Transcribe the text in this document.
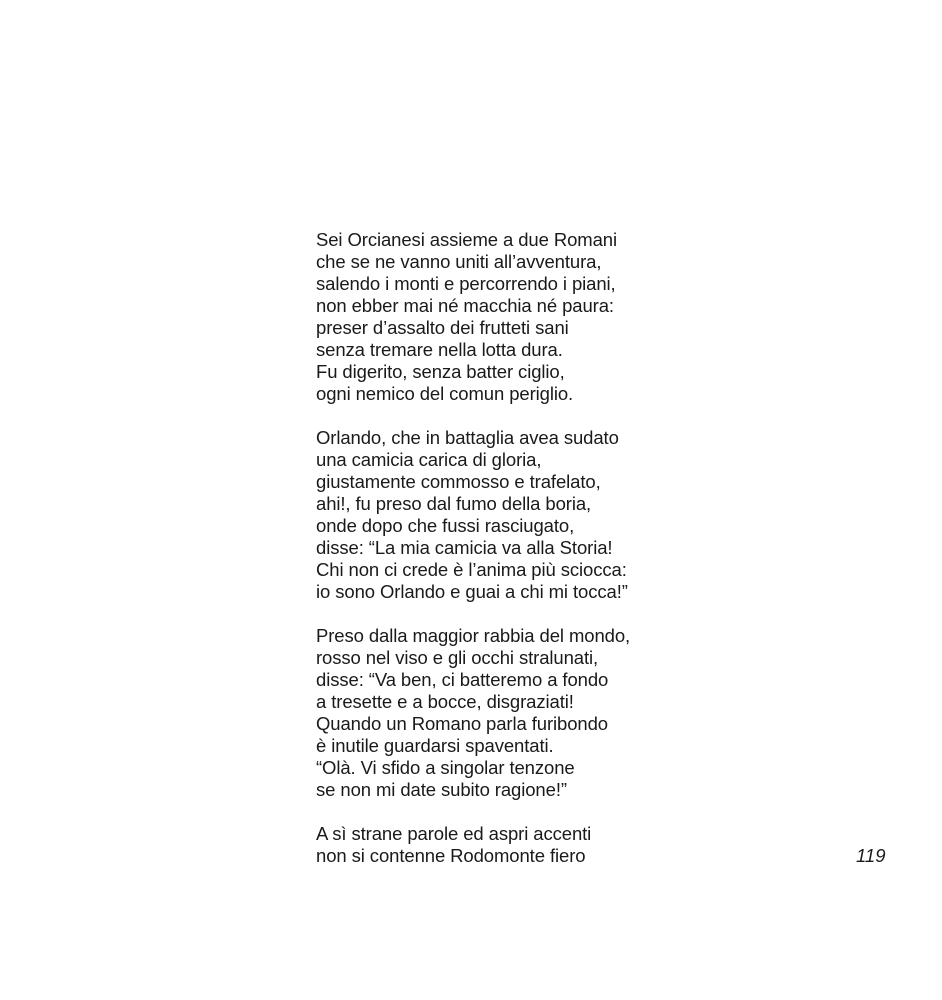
Sei Orcianesi assieme a due Romani
che se ne vanno uniti all’avventura,
salendo i monti e percorrendo i piani,
non ebber mai né macchia né paura:
preser d’assalto dei frutteti sani
senza tremare nella lotta dura.
Fu digerito, senza batter ciglio,
ogni nemico del comun periglio.
Orlando, che in battaglia avea sudato
una camicia carica di gloria,
giustamente commosso e trafelato,
ahi!, fu preso dal fumo della boria,
onde dopo che fussi rasciugato,
disse: “La mia camicia va alla Storia!
Chi non ci crede è l’anima più sciocca:
io sono Orlando e guai a chi mi tocca!”
Preso dalla maggior rabbia del mondo,
rosso nel viso e gli occhi stralunati,
disse: “Va ben, ci batteremo a fondo
a tresette e a bocce, disgraziati!
Quando un Romano parla furibondo
è inutile guardarsi spaventati.
“Olà. Vi sfido a singolar tenzone
se non mi date subito ragione!”
A sì strane parole ed aspri accenti
non si contenne Rodomonte fiero	119
